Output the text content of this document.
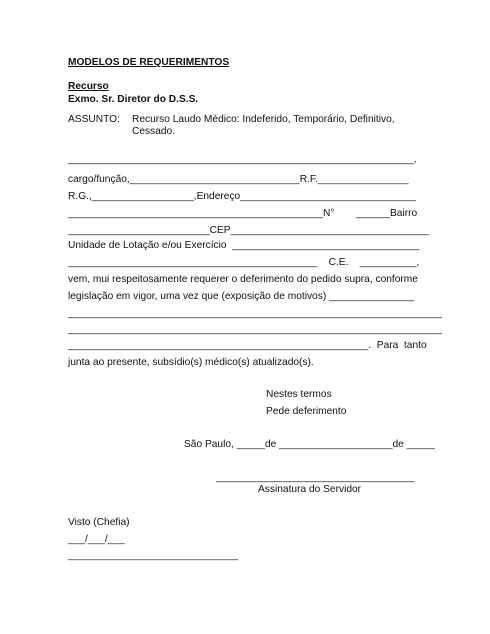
MODELOS DE REQUERIMENTOS
Recurso
Exmo. Sr. Diretor do D.S.S.
ASSUNTO: Recurso Laudo Médico: Indeferido, Temporário, Definitivo,
Cessado.
_____________________________________________________________,
cargo/função,______________________________R.F.________________
R.G.,__________________,Endereço_______________________________
_____________________________________________N° ______Bairro
_________________________CEP___________________________________
Unidade de Lotação e/ou Exercício  _________________________________
____________________________________________    C.E.    __________,
vem, mui respeitosamente requerer o deferimento do pedido supra, conforme
legislação em vigor, uma vez que (exposição de motivos) _______________
__________________________________________________________________
__________________________________________________________________
_____________________________________________________.  Para  tanto
junta ao presente, subsídio(s) médico(s) atualizado(s).
Nestes termos
Pede deferimento
São Paulo, _____de ____________________de _____
___________________________________
Assinatura do Servidor
Visto (Chefia)
___/___/___
______________________________
